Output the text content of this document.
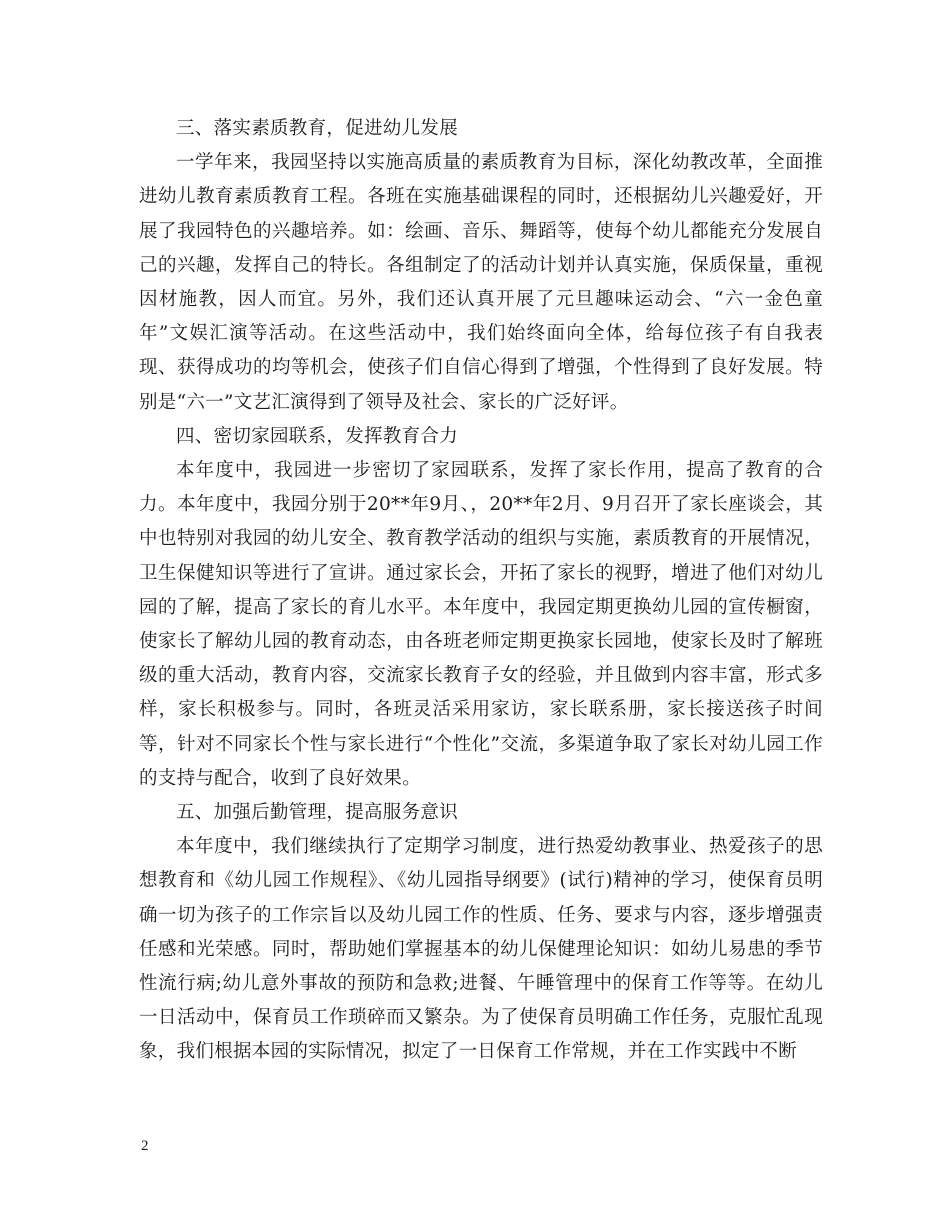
三、落实素质教育，促进幼儿发展

一学年来，我园坚持以实施高质量的素质教育为目标，深化幼教改革，全面推进幼儿教育素质教育工程。各班在实施基础课程的同时，还根据幼儿兴趣爱好，开展了我园特色的兴趣培养。如：绘画、音乐、舞蹈等，使每个幼儿都能充分发展自己的兴趣，发挥自己的特长。各组制定了的活动计划并认真实施，保质保量，重视因材施教，因人而宜。另外，我们还认真开展了元旦趣味运动会、“六一金色童年”文娱汇演等活动。在这些活动中，我们始终面向全体，给每位孩子有自我表现、获得成功的均等机会，使孩子们自信心得到了增强，个性得到了良好发展。特别是“六一”文艺汇演得到了领导及社会、家长的广泛好评。

四、密切家园联系，发挥教育合力

本年度中，我园进一步密切了家园联系，发挥了家长作用，提高了教育的合力。本年度中，我园分别于20**年9月、，20**年2月、9月召开了家长座谈会，其中也特别对我园的幼儿安全、教育教学活动的组织与实施，素质教育的开展情况，卫生保健知识等进行了宣讲。通过家长会，开拓了家长的视野，增进了他们对幼儿园的了解，提高了家长的育儿水平。本年度中，我园定期更换幼儿园的宣传橱窗，使家长了解幼儿园的教育动态，由各班老师定期更换家长园地，使家长及时了解班级的重大活动，教育内容，交流家长教育子女的经验，并且做到内容丰富，形式多样，家长积极参与。同时，各班灵活采用家访，家长联系册，家长接送孩子时间等，针对不同家长个性与家长进行“个性化”交流，多渠道争取了家长对幼儿园工作的支持与配合，收到了良好效果。

五、加强后勤管理，提高服务意识

本年度中，我们继续执行了定期学习制度，进行热爱幼教事业、热爱孩子的思想教育和《幼儿园工作规程》、《幼儿园指导纲要》(试行)精神的学习，使保育员明确一切为孩子的工作宗旨以及幼儿园工作的性质、任务、要求与内容，逐步增强责任感和光荣感。同时，帮助她们掌握基本的幼儿保健理论知识：如幼儿易患的季节性流行病;幼儿意外事故的预防和急救;进餐、午睡管理中的保育工作等等。在幼儿一日活动中，保育员工作琐碎而又繁杂。为了使保育员明确工作任务，克服忙乱现象，我们根据本园的实际情况，拟定了一日保育工作常规，并在工作实践中不断

2
